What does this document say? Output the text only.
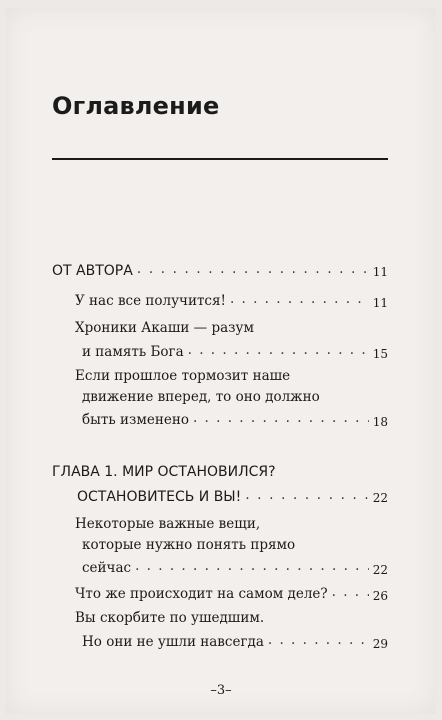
Оглавление
ОТ АВТОРА . . .	11
У нас все получится! . . .	11
Хроники Акаши — разум
и память Бога . . .	15
Если прошлое тормозит наше
движение вперед, то оно должно
быть изменено . . .	18
ГЛАВА 1. МИР ОСТАНОВИЛСЯ?
ОСТАНОВИТЕСЬ И ВЫ! . . .	22
Некоторые важные вещи,
которые нужно понять прямо
сейчас . . .	22
Что же происходит на самом деле? . . .	26
Вы скорбите по ушедшим.
Но они не ушли навсегда . . .	29
–3–
